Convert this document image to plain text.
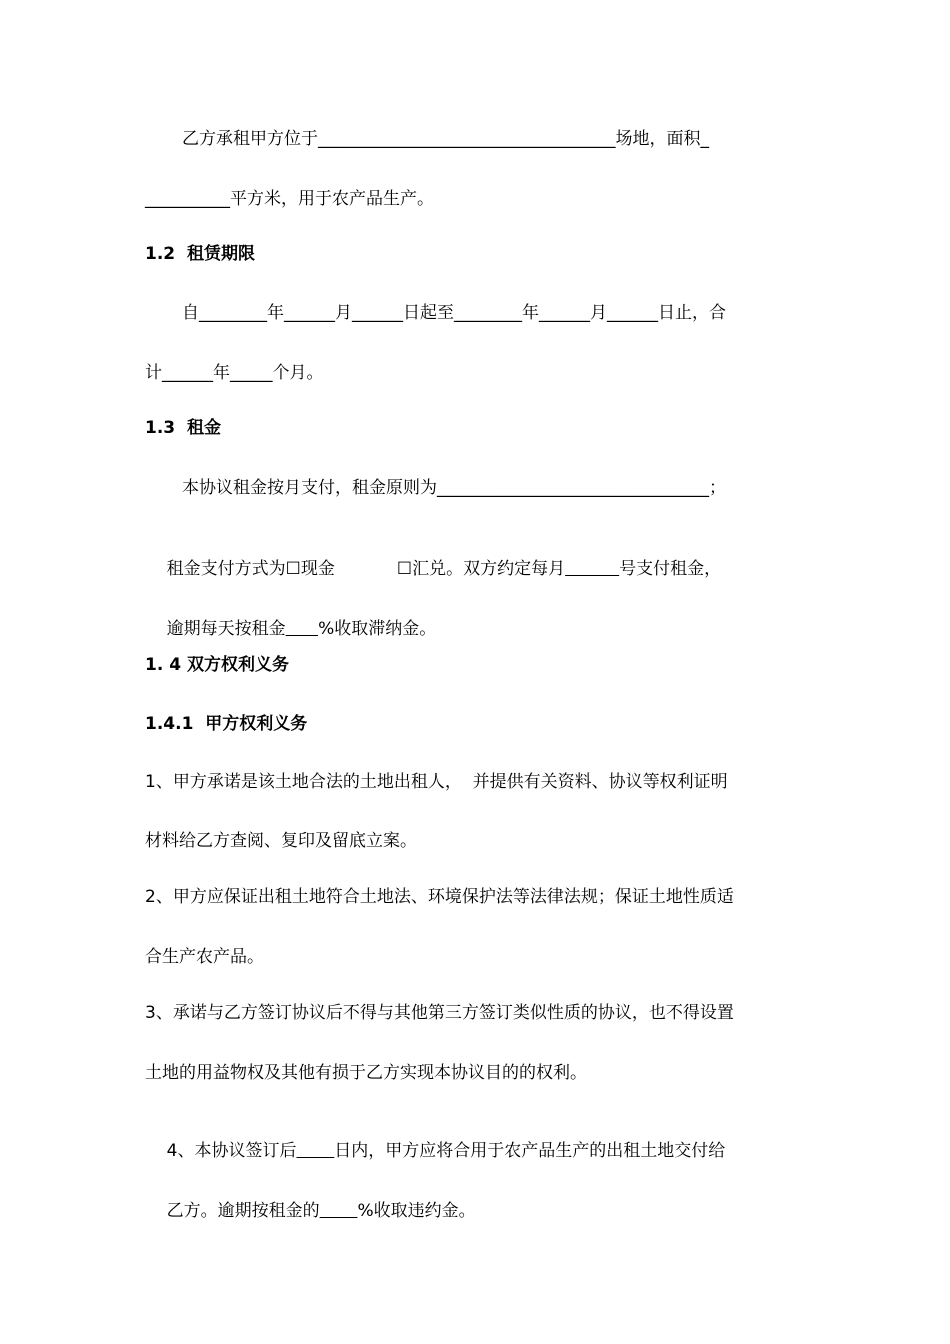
乙方承租甲方位于___________________________________场地，面积_
__________平方米，用于农产品生产。
1.2  租赁期限
自________年______月______日起至________年______月______日止，合
计______年_____个月。
1.3  租金
本协议租金按月支付，租金原则为________________________________；

租金支付方式为☐现金	☐汇兑。双方约定每月	号支付租金，

逾期每天按租金 %收取滞纳金。

1. 4 双方权利义务
1.4.1  甲方权利义务
1、甲方承诺是该土地合法的土地出租人，  并提供有关资料、协议等权利证明
材料给乙方查阅、复印及留底立案。
2、甲方应保证出租土地符合土地法、环境保护法等法律法规；保证土地性质适
合生产农产品。
3、承诺与乙方签订协议后不得与其他第三方签订类似性质的协议，也不得设置
土地的用益物权及其他有损于乙方实现本协议目的的权利。

4、本协议签订后 日内，甲方应将合用于农产品生产的出租土地交付给

乙方。逾期按租金的 %收取违约金。
